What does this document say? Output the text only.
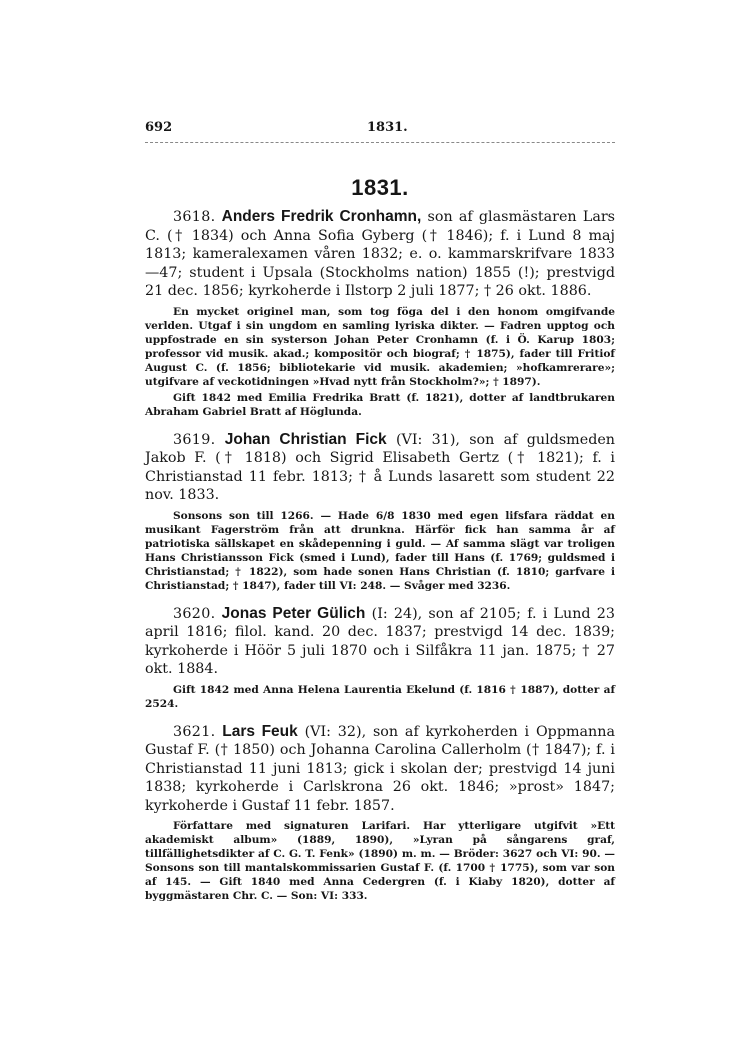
692	1831.
1831.

3618. Anders Fredrik Cronhamn, son af glasmästaren Lars C. († 1834) och Anna Sofia Gyberg († 1846); f. i Lund 8 maj 1813; kameralexamen våren 1832; e. o. kammarskrifvare 1833—47; student i Upsala (Stockholms nation) 1855 (!); prestvigd 21 dec. 1856; kyrkoherde i Ilstorp 2 juli 1877; † 26 okt. 1886.

En mycket originel man, som tog föga del i den honom omgifvande verlden. Utgaf i sin ungdom en samling lyriska dikter. — Fadren upptog och uppfostrade en sin systerson Johan Peter Cronhamn (f. i Ö. Karup 1803; professor vid musik. akad.; kompositör och biograf; † 1875), fader till Fritiof August C. (f. 1856; bibliotekarie vid musik. akademien; »hofkamrerare»; utgifvare af veckotidningen »Hvad nytt från Stockholm?»; † 1897).

Gift 1842 med Emilia Fredrika Bratt (f. 1821), dotter af landtbrukaren Abraham Gabriel Bratt af Höglunda.

3619. Johan Christian Fick (VI: 31), son af guldsmeden Jakob F. († 1818) och Sigrid Elisabeth Gertz († 1821); f. i Christianstad 11 febr. 1813; † å Lunds lasarett som student 22 nov. 1833.

Sonsons son till 1266. — Hade 6/8 1830 med egen lifsfara räddat en musikant Fagerström från att drunkna. Härför fick han samma år af patriotiska sällskapet en skådepenning i guld. — Af samma slägt var troligen Hans Christiansson Fick (smed i Lund), fader till Hans (f. 1769; guldsmed i Christianstad; † 1822), som hade sonen Hans Christian (f. 1810; garfvare i Christianstad; † 1847), fader till VI: 248. — Svåger med 3236.

3620. Jonas Peter Gülich (I: 24), son af 2105; f. i Lund 23 april 1816; filol. kand. 20 dec. 1837; prestvigd 14 dec. 1839; kyrkoherde i Höör 5 juli 1870 och i Silfåkra 11 jan. 1875; † 27 okt. 1884.

Gift 1842 med Anna Helena Laurentia Ekelund (f. 1816 † 1887), dotter af 2524.

3621. Lars Feuk (VI: 32), son af kyrkoherden i Oppmanna Gustaf F. († 1850) och Johanna Carolina Callerholm († 1847); f. i Christianstad 11 juni 1813; gick i skolan der; prestvigd 14 juni 1838; kyrkoherde i Carlskrona 26 okt. 1846; »prost» 1847; kyrkoherde i Gustaf 11 febr. 1857.

Författare med signaturen Larifari. Har ytterligare utgifvit »Ett akademiskt album» (1889, 1890), »Lyran på sångarens graf, tillfällighetsdikter af C. G. T. Fenk» (1890) m. m. — Bröder: 3627 och VI: 90. — Sonsons son till mantalskommissarien Gustaf F. (f. 1700 † 1775), som var son af 145. — Gift 1840 med Anna Cedergren (f. i Kiaby 1820), dotter af byggmästaren Chr. C. — Son: VI: 333.
